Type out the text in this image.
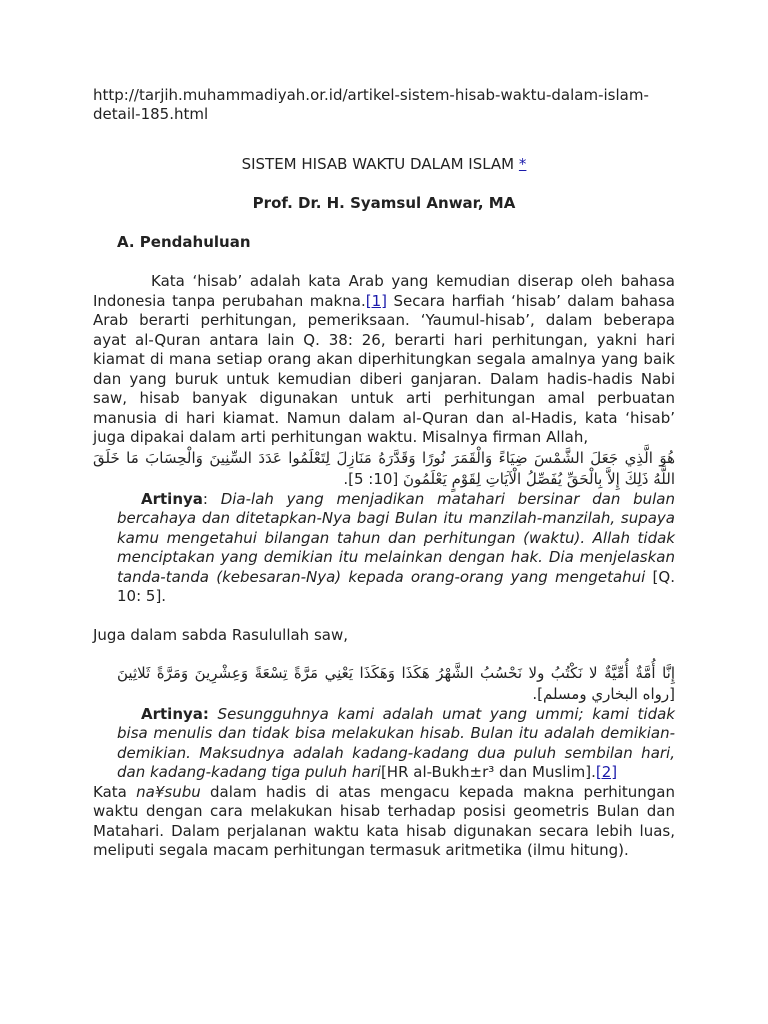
http://tarjih.muhammadiyah.or.id/artikel-sistem-hisab-waktu-dalam-islam-detail-185.html

SISTEM HISAB WAKTU DALAM ISLAM *

Prof. Dr. H. Syamsul Anwar, MA

A. Pendahuluan

Kata ‘hisab’ adalah kata Arab yang kemudian diserap oleh bahasa Indonesia tanpa perubahan makna.[1] Secara harfiah ‘hisab’ dalam bahasa Arab berarti perhitungan, pemeriksaan. ‘Yaumul-hisab’, dalam beberapa ayat al-Quran antara lain Q. 38: 26, berarti hari perhitungan, yakni hari kiamat di mana setiap orang akan diperhitungkan segala amalnya yang baik dan yang buruk untuk kemudian diberi ganjaran. Dalam hadis-hadis Nabi saw, hisab banyak digunakan untuk arti perhitungan amal perbuatan manusia di hari kiamat. Namun dalam al-Quran dan al-Hadis, kata ‘hisab’ juga dipakai dalam arti perhitungan waktu. Misalnya firman Allah,

هُوَ الَّذِي جَعَلَ الشَّمْسَ ضِيَاءً وَالْقَمَرَ نُورًا وَقَدَّرَهُ مَنَازِلَ لِتَعْلَمُوا عَدَدَ السِّنِينَ وَالْحِسَابَ مَا خَلَقَ اللَّهُ ذَلِكَ إِلاَّ بِالْحَقِّ يُفَصِّلُ الْآيَاتِ لِقَوْمٍ يَعْلَمُونَ [10: 5].

Artinya: Dia-lah yang menjadikan matahari bersinar dan bulan bercahaya dan ditetapkan-Nya bagi Bulan itu manzilah-manzilah, supaya kamu mengetahui bilangan tahun dan perhitungan (waktu). Allah tidak menciptakan yang demikian itu melainkan dengan hak. Dia menjelaskan tanda-tanda (kebesaran-Nya) kepada orang-orang yang mengetahui [Q. 10: 5].

Juga dalam sabda Rasulullah saw,

إِنَّا أُمَّةٌ أُمِّيَّةٌ لا نَكْتُبُ ولا نَحْسُبُ الشَّهْرُ هَكَذَا وَهَكَذَا يَعْنِي مَرَّةً تِسْعَةً وَعِشْرِينَ وَمَرَّةً ثَلاثِينَ [رواه البخاري ومسلم].

Artinya: Sesungguhnya kami adalah umat yang ummi; kami tidak bisa menulis dan tidak bisa melakukan hisab. Bulan itu adalah demikian-demikian. Maksudnya adalah kadang-kadang dua puluh sembilan hari, dan kadang-kadang tiga puluh hari[HR al-Bukh±r³ dan Muslim].[2]

Kata na¥subu dalam hadis di atas mengacu kepada makna perhitungan waktu dengan cara melakukan hisab terhadap posisi geometris Bulan dan Matahari. Dalam perjalanan waktu kata hisab digunakan secara lebih luas, meliputi segala macam perhitungan termasuk aritmetika (ilmu hitung).
